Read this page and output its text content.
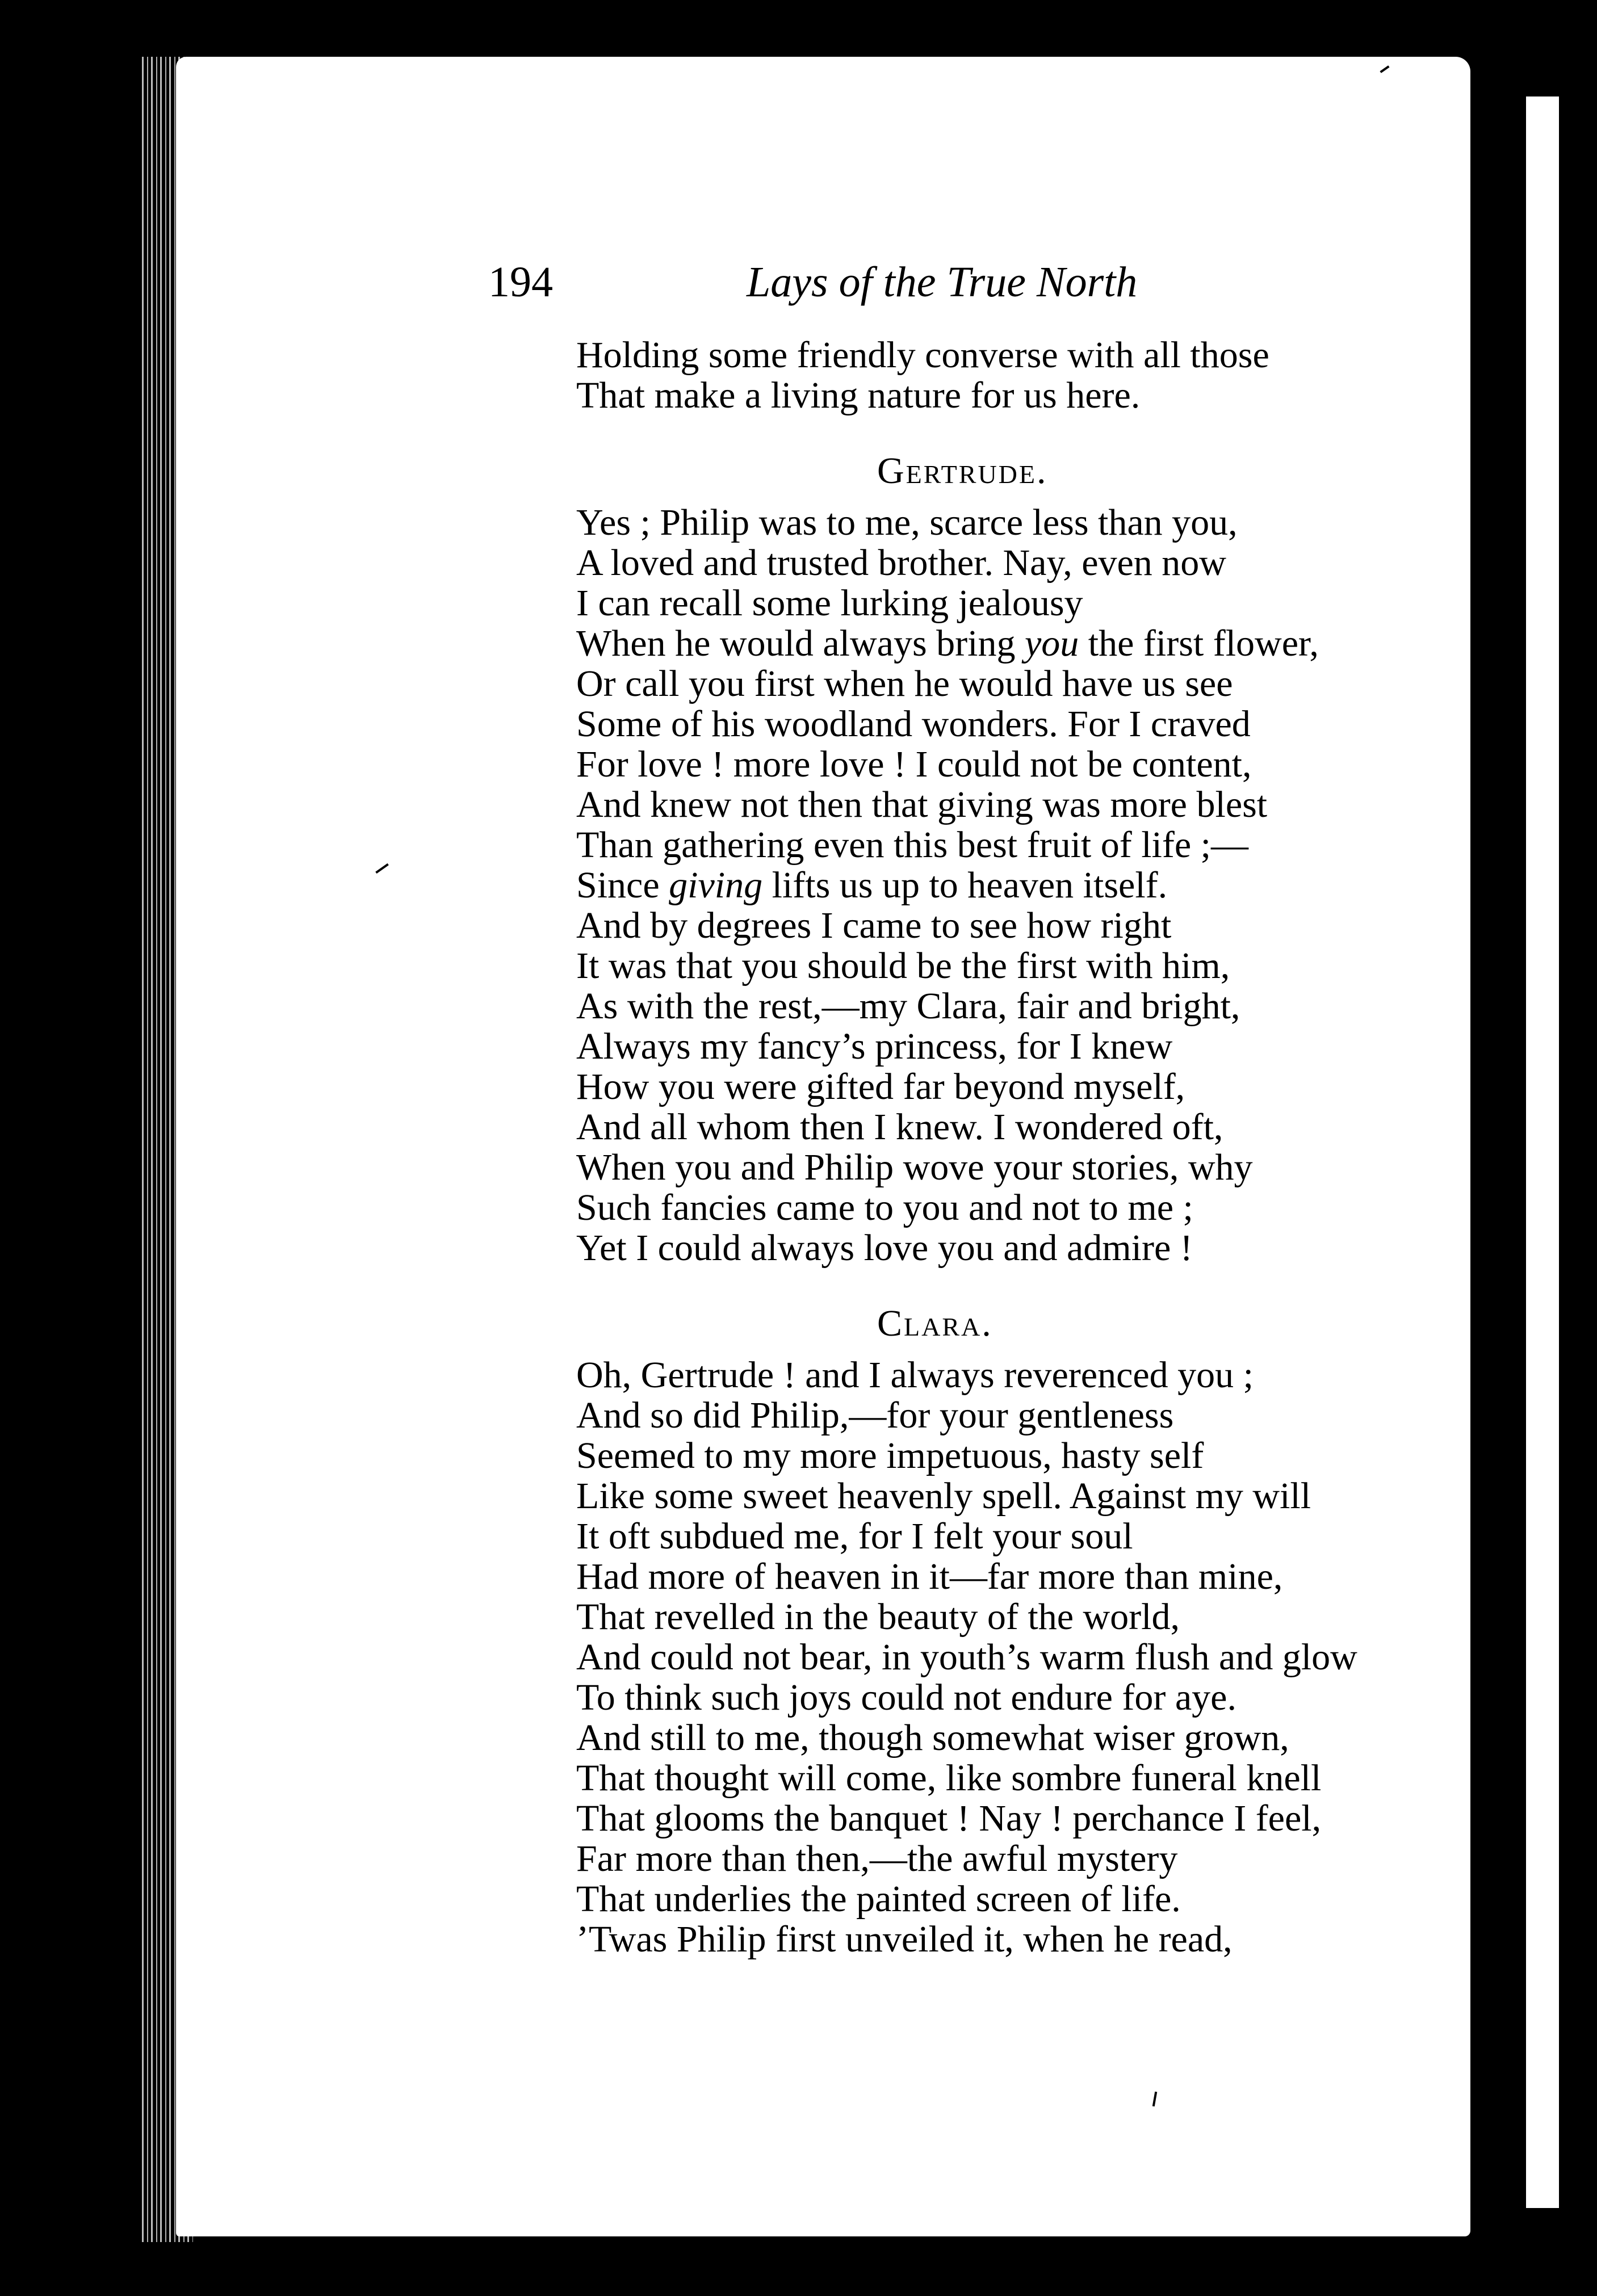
194	Lays of the True North
Holding some friendly converse with all those
That make a living nature for us here.
Gertrude.
Yes ; Philip was to me, scarce less than you,
A loved and trusted brother. Nay, even now
I can recall some lurking jealousy
When he would always bring you the first flower,
Or call you first when he would have us see
Some of his woodland wonders. For I craved
For love ! more love ! I could not be content,
And knew not then that giving was more blest
Than gathering even this best fruit of life ;—
Since giving lifts us up to heaven itself.
And by degrees I came to see how right
It was that you should be the first with him,
As with the rest,—my Clara, fair and bright,
Always my fancy’s princess, for I knew
How you were gifted far beyond myself,
And all whom then I knew. I wondered oft,
When you and Philip wove your stories, why
Such fancies came to you and not to me ;
Yet I could always love you and admire !
Clara.
Oh, Gertrude ! and I always reverenced you ;
And so did Philip,—for your gentleness
Seemed to my more impetuous, hasty self
Like some sweet heavenly spell. Against my will
It oft subdued me, for I felt your soul
Had more of heaven in it—far more than mine,
That revelled in the beauty of the world,
And could not bear, in youth’s warm flush and glow
To think such joys could not endure for aye.
And still to me, though somewhat wiser grown,
That thought will come, like sombre funeral knell
That glooms the banquet ! Nay ! perchance I feel,
Far more than then,—the awful mystery
That underlies the painted screen of life.
’Twas Philip first unveiled it, when he read,
